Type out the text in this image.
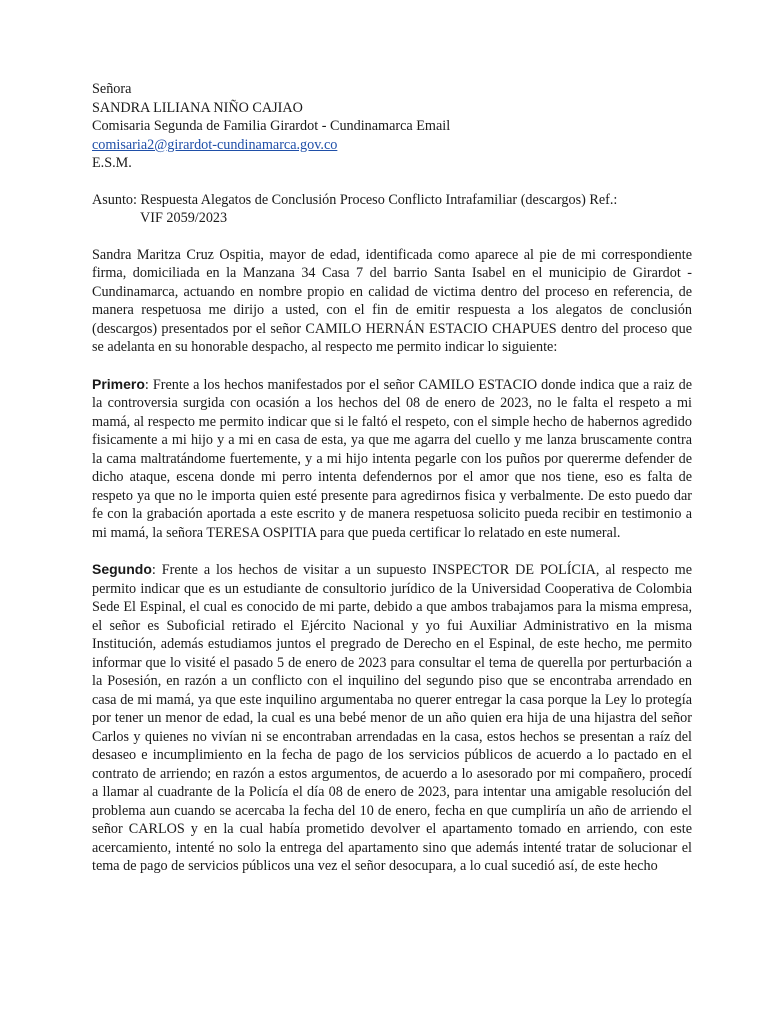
Señora
SANDRA LILIANA NIÑO CAJIAO
Comisaria Segunda de Familia Girardot - Cundinamarca Email
comisaria2@girardot-cundinamarca.gov.co
E.S.M.
Asunto: Respuesta Alegatos de Conclusión Proceso Conflicto Intrafamiliar (descargos) Ref.:
VIF 2059/2023

Sandra Maritza Cruz Ospitia, mayor de edad, identificada como aparece al pie de mi correspondiente firma, domiciliada en la Manzana 34 Casa 7 del barrio Santa Isabel en el municipio de Girardot - Cundinamarca, actuando en nombre propio en calidad de victima dentro del proceso en referencia, de manera respetuosa me dirijo a usted, con el fin de emitir respuesta a los alegatos de conclusión (descargos) presentados por el señor CAMILO HERNÁN ESTACIO CHAPUES dentro del proceso que se adelanta en su honorable despacho, al respecto me permito indicar lo siguiente:

Primero: Frente a los hechos manifestados por el señor CAMILO ESTACIO donde indica que a raiz de la controversia surgida con ocasión a los hechos del 08 de enero de 2023, no le falta el respeto a mi mamá, al respecto me permito indicar que si le faltó el respeto, con el simple hecho de habernos agredido fisicamente a mi hijo y a mi en casa de esta, ya que me agarra del cuello y me lanza bruscamente contra la cama maltratándome fuertemente, y a mi hijo intenta pegarle con los puños por quererme defender de dicho ataque, escena donde mi perro intenta defendernos por el amor que nos tiene, eso es falta de respeto ya que no le importa quien esté presente para agredirnos fisica y verbalmente. De esto puedo dar fe con la grabación aportada a este escrito y de manera respetuosa solicito pueda recibir en testimonio a mi mamá, la señora TERESA OSPITIA para que pueda certificar lo relatado en este numeral.

Segundo: Frente a los hechos de visitar a un supuesto INSPECTOR DE POLÍCIA, al respecto me permito indicar que es un estudiante de consultorio jurídico de la Universidad Cooperativa de Colombia Sede El Espinal, el cual es conocido de mi parte, debido a que ambos trabajamos para la misma empresa, el señor es Suboficial retirado el Ejército Nacional y yo fui Auxiliar Administrativo en la misma Institución, además estudiamos juntos el pregrado de Derecho en el Espinal, de este hecho, me permito informar que lo visité el pasado 5 de enero de 2023 para consultar el tema de querella por perturbación a la Posesión, en razón a un conflicto con el inquilino del segundo piso que se encontraba arrendado en casa de mi mamá, ya que este inquilino argumentaba no querer entregar la casa porque la Ley lo protegía por tener un menor de edad, la cual es una bebé menor de un año quien era hija de una hijastra del señor Carlos y quienes no vivían ni se encontraban arrendadas en la casa, estos hechos se presentan a raíz del desaseo e incumplimiento en la fecha de pago de los servicios públicos de acuerdo a lo pactado en el contrato de arriendo; en razón a estos argumentos, de acuerdo a lo asesorado por mi compañero, procedí a llamar al cuadrante de la Policía el día 08 de enero de 2023, para intentar una amigable resolución del problema aun cuando se acercaba la fecha del 10 de enero, fecha en que cumpliría un año de arriendo el señor CARLOS y en la cual había prometido devolver el apartamento tomado en arriendo, con este acercamiento, intenté no solo la entrega del apartamento sino que además intenté tratar de solucionar el tema de pago de servicios públicos una vez el señor desocupara, a lo cual sucedió así, de este hecho
